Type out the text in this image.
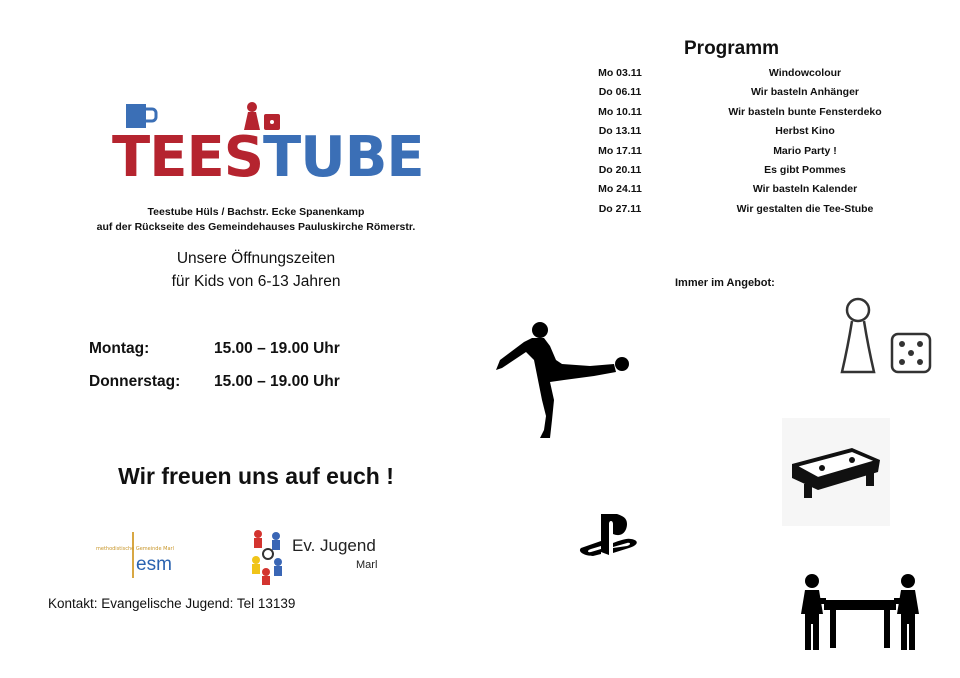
TEESTUBE
Teestube Hüls / Bachstr. Ecke Spanenkamp
auf der Rückseite des Gemeindehauses Pauluskirche Römerstr.
Unsere Öffnungszeiten
für Kids von 6-13 Jahren
Montag:	15.00 – 19.00 Uhr
Donnerstag: 15.00 – 19.00 Uhr
Wir freuen uns auf euch !
methodistische Gemeinde Marl
esm
Ev. Jugend
Marl
Kontakt: Evangelische Jugend: Tel 13139
Programm
Mo 03.11	Windowcolour
Do 06.11	Wir basteln Anhänger
Mo 10.11	Wir basteln bunte Fensterdeko
Do 13.11	Herbst Kino
Mo 17.11	Mario Party !
Do 20.11	Es gibt Pommes
Mo 24.11	Wir basteln Kalender
Do 27.11	Wir gestalten die Tee-Stube
Immer im Angebot:
